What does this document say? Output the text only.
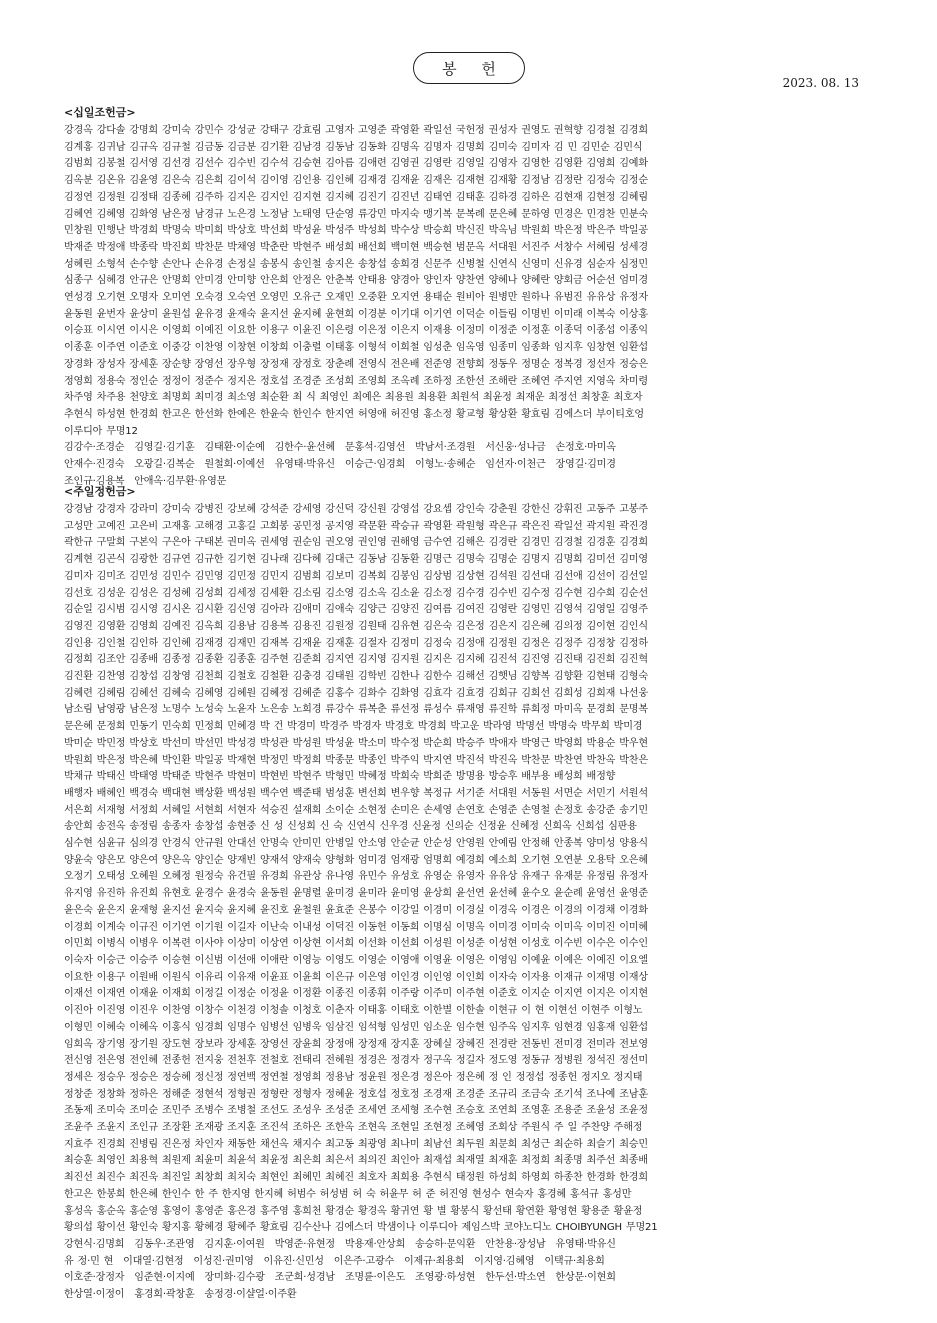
봉 헌
2023. 08. 13
<십일조헌금>

강경옥 강다솔 강명희 강미숙 강민수 강성균 강태구 강효림 고영자 고영준 곽영환 곽일선 국헌정 권성자 권영도 권혁향 김경철 김경희

김계홍 김귀남 김규옥 김규철 김금동 김금분 김기환 김남경 김동남 김동화 김명옥 김명자 김명희 김미숙 김미자 김 민 김민순 김민식

김범희 김봉철 김서영 김선경 김선수 김수빈 김수석 김승현 김아름 김애련 김영권 김영란 김영일 김영자 김영한 김영환 김영희 김예화

김옥분 김온유 김윤영 김은숙 김은희 김이석 김이영 김인용 김인혜 김재경 김재윤 김재은 김재현 김재황 김정남 김정란 김정숙 김정순

김정연 김정원 김정태 김종혜 김주하 김지은 김지인 김지현 김지혜 김진기 김진년 김태연 김태훈 김하경 김하은 김현재 김현정 김혜림

김혜연 김혜영 김화영 남은정 남경규 노은경 노정남 노태영 단순영 류강민 마지숙 맹기복 문복례 문은혜 문하영 민경은 민경찬 민분숙

민창원 민행난 박경희 박명숙 박미희 박상호 박선희 박성윤 박성주 박성희 박수상 박승희 박신진 박옥님 박원희 박은정 박은주 박일공

박재준 박정애 박종락 박진희 박찬문 박채영 박춘란 박현주 배성희 배선희 백미현 백승현 범문옥 서대원 서진주 서창수 서혜림 성세경

성혜린 소형석 손수향 손안나 손유경 손정실 송봉식 송인철 송지은 송창섭 송희경 신문주 신병철 신연식 신영미 신유경 심순자 심정민

심종구 심혜경 안규은 안명희 안미경 안미향 안은희 안정은 안춘복 안태용 양경아 양인자 양찬연 양혜나 양혜란 양회금 어순선 엄미경

연성경 오기현 오명자 오미연 오숙경 오숙연 오영민 오유근 오재민 오중환 오지연 용태순 원비아 원병만 원하나 유범진 유유상 유정자

윤동원 윤번자 윤상미 윤원섭 윤유경 윤재숙 윤지선 윤지혜 윤현희 이경분 이기대 이기연 이덕순 이들림 이명빈 이미래 이복숙 이상홍

이승표 이시연 이시은 이영희 이예진 이요한 이용구 이윤진 이은령 이은정 이은지 이재용 이정미 이정준 이정훈 이종덕 이종섭 이종익

이종훈 이주연 이준호 이중강 이찬영 이창현 이창희 이충렬 이태홍 이형석 이희철 임성춘 임옥영 임종미 임종화 임지후 임창현 임환섭

장경화 장성자 장세훈 장순향 장영선 장우형 장정재 장정호 장춘례 전영식 전은배 전준영 전향희 정동우 정명순 정복경 정선자 정승은

정영희 정용숙 정인순 정정이 정준수 정지은 정호섭 조경준 조성희 조영희 조옥례 조하정 조한선 조해란 조혜연 주지연 지영옥 차미령

차주영 차주용 천양호 최명희 최미경 최소영 최순환 최 식 최영인 최예은 최용원 최용환 최원석 최윤정 최재운 최정선 최창훈 최호자

추현식 하성현 한경희 한고은 한선화 한예은 한윤숙 한인수 한지연 허영애 허진영 홍소정 황교형 황상환 황효림 김에스더 부이티호엉

이루디아 무명12

김강수·조경순　김영길·김기훈　김태환·이순예　김한수·윤선혜　문홍석·김영선　박남서·조경원　서신웅·성나금　손정호·마미옥

안재수·진경숙　오광길·김복순　원철희·이예선　유영태·박유신　이승근·임경희　이형노·송혜순　임선자·이천근　장영길·김미경

조인규·김용복　안애옥·김무환·유영문

<주일정헌금>

강경남 강경자 강라미 강미숙 강병진 강보혜 강석준 강세영 강신덕 강신원 강영섭 강요셉 강인숙 강춘원 강한신 강휘진 고동주 고봉주

고성만 고예진 고은비 고재홍 고해경 고홍길 고희봉 공민정 공지영 곽문환 곽승규 곽영환 곽원형 곽은규 곽은진 곽일선 곽지원 곽진경

곽한규 구말희 구본익 구은아 구태본 권미옥 권세영 권순임 권오영 권인영 권해영 금수연 김해은 김경란 김경민 김경철 김경훈 김경희

김계현 김곤식 김광한 김규연 김규한 김기현 김나래 김다혜 김대근 김동남 김동환 김명근 김명숙 김명순 김명지 김명희 김미선 김미영

김미자 김미조 김민성 김민수 김민영 김민정 김민지 김범희 김보미 김복희 김봉임 김상범 김상현 김석원 김선대 김선애 김선이 김선일

김선호 김성운 김성은 김성혜 김성희 김세정 김세환 김소림 김소영 김소옥 김소윤 김소정 김수경 김수빈 김수정 김수현 김수희 김순선

김순일 김시범 김시영 김시온 김시환 김신영 김아라 김애미 김애숙 김양근 김양진 김여름 김여진 김영란 김영민 김영석 김영일 김영주

김영진 김영환 김영희 김예진 김옥희 김용남 김용복 김용진 김원정 김원태 김유현 김은숙 김은정 김은지 김은혜 김의정 김이현 김인식

김인용 김인철 김인하 김인혜 김재경 김재민 김재복 김재윤 김재훈 김절자 김정미 김정숙 김정애 김정원 김정은 김정주 김정창 김정하

김정희 김조안 김종배 김종정 김종환 김종훈 김주현 김준희 김지연 김지영 김지원 김지은 김지혜 김진석 김진영 김진태 김진희 김진혁

김진환 김찬영 김창섭 김창영 김천희 김철호 김철환 김충경 김태원 김학빈 김한나 김한수 김해선 김햇님 김향복 김향환 김현태 김형숙

김혜련 김혜림 김혜선 김혜숙 김혜영 김혜원 김혜정 김혜준 김홍수 김화수 김화영 김효각 김효경 김희규 김희선 김희성 김희재 나선웅

남소림 남영광 남은정 노명수 노성숙 노윤자 노은송 노희경 류강수 류복춘 류선정 류성수 류재영 류진학 류희정 마미옥 문경희 문명복

문은혜 문정희 민동기 민숙희 민정희 민혜경 박 건 박경미 박경주 박경자 박경호 박경희 박고운 박라영 박명선 박명숙 박무희 박미경

박미순 박민정 박상호 박선미 박선민 박성경 박성관 박성원 박성윤 박소미 박수정 박순희 박승주 박애자 박영근 박영희 박용순 박우현

박원희 박은정 박은혜 박인환 박일공 박재현 박정민 박정희 박종문 박종인 박주익 박지연 박진석 박진옥 박찬문 박찬연 박찬옥 박찬은

박채규 박태신 박태영 박태준 박현주 박현미 박현빈 박현주 박형민 박혜정 박희숙 박희준 방명용 방승후 배부용 배성희 배정향

배행자 배혜인 백경숙 백대현 백상환 백성원 백수연 백준태 범성훈 변선희 변우향 복정규 서기준 서대원 서동원 서면순 서민기 서원석

서은희 서재형 서정희 서혜일 서현희 서현자 석승진 설재희 소이순 소현정 손미은 손세영 손연호 손영준 손영철 손정호 송강준 송기민

송안희 송전옥 송정림 송종자 송창섭 송현중 신 성 신성희 신 숙 신연식 신우경 신윤정 신의순 신정윤 신혜정 신희옥 신희섭 심판용

심수현 심윤규 심의경 안경식 안규원 안대선 안명숙 안미민 안병일 안소영 안순균 안순성 안영원 안예림 안정해 안종복 양미성 양용식

양윤숙 양은모 양은여 양은옥 양인순 양재빈 양재석 양재숙 양형화 엄미경 엄재광 엄명희 예경희 예소희 오기현 오연분 오용탁 오은혜

오정기 오태성 오혜원 오혜정 원정숙 유건필 유경희 유관상 유나영 유민수 유성호 유영순 유영자 유유상 유재구 유재문 유정림 유정자

유지영 유진하 유진희 유현호 윤경수 윤경숙 윤동원 윤명렬 윤미경 윤미라 윤미영 윤상희 윤선연 윤선혜 윤수오 윤순례 윤영선 윤영준

윤은숙 윤은지 윤재형 윤지선 윤지숙 윤지혜 윤진호 윤철원 윤효준 은봉수 이강일 이경미 이경실 이경옥 이경은 이경의 이경채 이경화

이경희 이계숙 이규진 이기연 이기원 이길자 이난숙 이내성 이덕진 이동헌 이동희 이명심 이명옥 이미경 이미숙 이미옥 이미진 이미혜

이민희 이병식 이병우 이복련 이사야 이상미 이상연 이상현 이서희 이선화 이선희 이성원 이성준 이성현 이성호 이수빈 이수은 이수인

이숙자 이승근 이승주 이승현 이신범 이선애 이애란 이영능 이영도 이영순 이영애 이영윤 이영은 이영임 이예윤 이예은 이예진 이요엘

이요한 이용구 이원배 이원식 이유리 이유재 이윤표 이윤희 이은규 이은영 이인경 이인영 이인희 이자숙 이자용 이재규 이재명 이재상

이재선 이재연 이재윤 이재희 이정길 이정순 이정윤 이정환 이종진 이종휘 이주랑 이주미 이주현 이준호 이지순 이지연 이지은 이지현

이진아 이진영 이진우 이찬영 이창수 이천경 이청솔 이청호 이춘자 이태홍 이태호 이한별 이한솔 이현규 이 현 이현선 이현주 이형노

이형민 이혜숙 이혜옥 이홍식 임경희 임명수 임병선 임병욱 임삼진 임석형 임성민 임소운 임수현 임주옥 임지후 임현경 임홍재 임환섭

임희옥 장기영 장기원 장도현 장보라 장세훈 장영선 장윤희 장정애 장정재 장지훈 장혜실 장혜진 전경란 전동빈 전미경 전미라 전보영

전신영 전은영 전인혜 전종헌 전지웅 전천후 전철호 전태리 전혜원 정경은 정경자 정구옥 정길자 정도영 정동규 정병원 정석진 정선미

정세은 정승우 정승은 정승혜 정신정 정연백 정연철 정영희 정용남 정윤원 정은경 정은아 정은혜 정 인 정정섭 정종헌 정지오 정지태

정창준 정창화 정하은 정해준 정현석 정형권 정형란 정형자 정혜윤 정호섭 정호정 조경재 조경준 조규리 조금숙 조기석 조나예 조남훈

조동제 조미숙 조미순 조민주 조병수 조병철 조선도 조성우 조성준 조세연 조세형 조수현 조승호 조연희 조영훈 조용준 조윤성 조윤정

조윤주 조윤지 조인규 조장환 조재광 조지훈 조진석 조하은 조한옥 조현옥 조현일 조현정 조혜영 조회상 주원식 주 일 주찬양 주해정

지효주 진경희 진병림 진은정 차인자 채동한 채선옥 채지수 최고동 최광영 최나미 최남선 최두원 최문희 최성근 최순하 최슬기 최승민

최승훈 최영인 최용혁 최원제 최윤미 최윤석 최윤정 최은희 최은서 최의진 최인아 최재섭 최재열 최재훈 최정희 최종명 최주선 최종배

최진선 최진수 최진욱 최진일 최창희 최치숙 최현인 최혜민 최혜진 최호자 최희용 추현식 태정원 하성희 하영희 하종찬 한경화 한경희

한고은 한봉희 한은혜 한인수 한 주 한지영 한지혜 허범수 허성범 허 숙 허윤무 허 준 허진영 현성수 현숙자 홍경혜 홍석규 홍성만

홍성옥 홍순옥 홍순영 홍영이 홍영준 홍은경 홍주영 홍희천 황경순 황경옥 황귀연 황 별 황봉식 황선태 황연환 황영현 황용준 황윤정

황의섭 황이선 황인숙 황지홍 황혜경 황혜주 황효림 김수산나 김에스더 박샘이나 이루디아 제임스박 코야노디노 CHOIBYUNGH 무명21

강현식·김명희　김동우·조관영　김지훈·이여원　박영준·유현정　박용재·안상희　송승하·문익환　안찬용·장성남　유영태·박유신

유 정·민 현　이대열·김현정　이성진·권미영　이유진·신민성　이은주·고광수　이제규·최용희　이지영·김혜영　이택규·최용희

이호준·장정자　임준현·이지예　장미화·김수광　조군희·성경남　조명륜·이은도　조영광·하성현　한두선·박소연　한상문·이현희

한상열·이정이　홍경희·곽창훈　송정경·이샬얼·이주환
